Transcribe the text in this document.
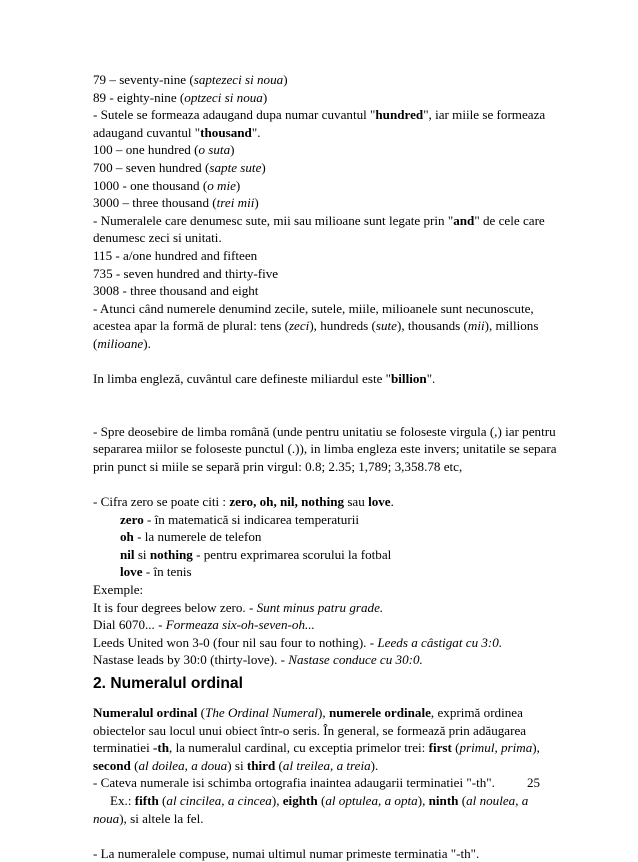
79 – seventy-nine (saptezeci si noua)

89 - eighty-nine (optzeci si noua)

- Sutele se formeaza adaugand dupa numar cuvantul "hundred", iar miile se formeaza

adaugand cuvantul "thousand".

100 – one hundred (o suta)

700 – seven hundred (sapte sute)

1000 - one thousand (o mie)

3000 – three thousand (trei mii)

- Numeralele care denumesc sute, mii sau milioane sunt legate prin "and" de cele care

denumesc zeci si unitati.

115 - a/one hundred and fifteen

735 - seven hundred and thirty-five

3008 - three thousand and eight

- Atunci când numerele denumind zecile, sutele, miile, milioanele sunt necunoscute,

acestea apar la formă de plural: tens (zeci), hundreds (sute), thousands (mii), millions

(milioane).

In limba engleză, cuvântul care defineste miliardul este "billion".

- Spre deosebire de limba română (unde pentru unitatiu se foloseste virgula (,) iar pentru

separarea miilor se foloseste punctul (.)), in limba engleza este invers; unitatile se separa

prin punct si miile se separă prin virgul: 0.8; 2.35; 1,789; 3,358.78 etc,

- Cifra zero se poate citi : zero, oh, nil, nothing sau love.

zero - în matematică si indicarea temperaturii

oh - la numerele de telefon

nil si nothing - pentru exprimarea scorului la fotbal

love - în tenis

Exemple:

It is four degrees below zero. - Sunt minus patru grade.

Dial 6070... - Formeaza six-oh-seven-oh...

Leeds United won 3-0 (four nil sau four to nothing). - Leeds a câstigat cu 3:0.

Nastase leads by 30:0 (thirty-love). - Nastase conduce cu 30:0.

2. Numeralul ordinal

Numeralul ordinal (The Ordinal Numeral), numerele ordinale, exprimă ordinea

obiectelor sau locul unui obiect într-o seris. În general, se formează prin adăugarea

terminatiei -th, la numeralul cardinal, cu exceptia primelor trei: first (primul, prima),

second (al doilea, a doua) si third (al treilea, a treia).

- Cateva numerale isi schimba ortografia inaintea adaugarii terminatiei "-th".

Ex.: fifth (al cincilea, a cincea), eighth (al optulea, a opta), ninth (al noulea, a

noua), si altele la fel.

- La numeralele compuse, numai ultimul numar primeste terminatia "-th".

25
